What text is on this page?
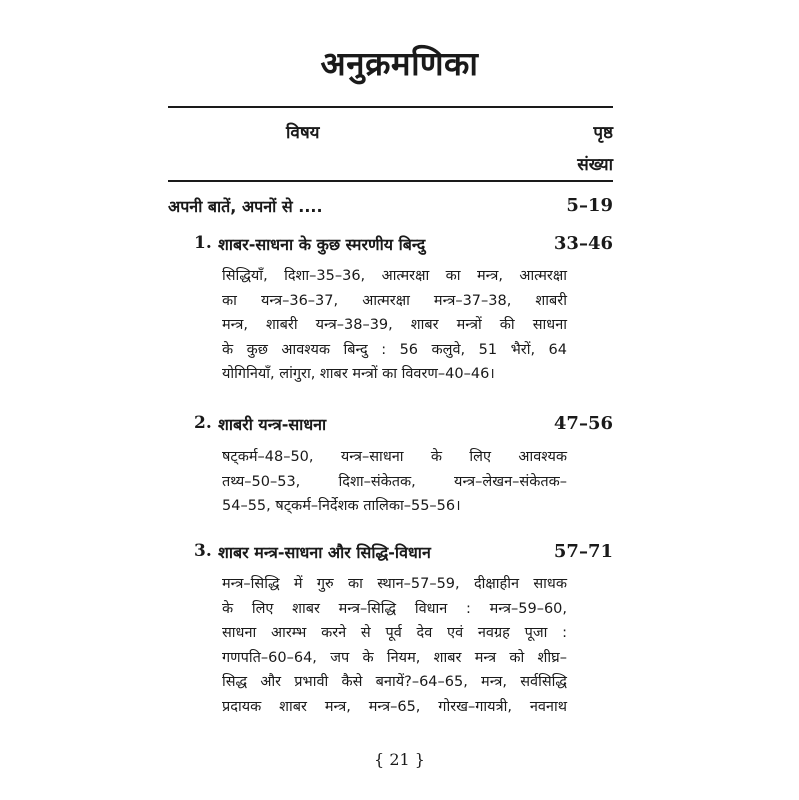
अनुक्रमणिका
विषय	पृष्ठ
संख्या
अपनी बातें, अपनों से ....	5–19
1. शाबर-साधना के कुछ स्मरणीय बिन्दु	33–46
सिद्धियाँ, दिशा–35–36, आत्मरक्षा का मन्त्र, आत्मरक्षा
का यन्त्र–36–37, आत्मरक्षा मन्त्र–37–38, शाबरी
मन्त्र, शाबरी यन्त्र–38–39, शाबर मन्त्रों की साधना
के कुछ आवश्यक बिन्दु : 56 कलुवे, 51 भैरों, 64
योगिनियाँ, लांगुरा, शाबर मन्त्रों का विवरण–40–46।
2. शाबरी यन्त्र-साधना	47–56
षट्कर्म–48–50, यन्त्र–साधना के लिए आवश्यक
तथ्य–50–53, दिशा–संकेतक, यन्त्र–लेखन–संकेतक–
54–55, षट्कर्म–निर्देशक तालिका–55–56।
3. शाबर मन्त्र-साधना और सिद्धि-विधान	57–71
मन्त्र–सिद्धि में गुरु का स्थान–57–59, दीक्षाहीन साधक
के लिए शाबर मन्त्र–सिद्धि विधान : मन्त्र–59–60,
साधना आरम्भ करने से पूर्व देव एवं नवग्रह पूजा :
गणपति–60–64, जप के नियम, शाबर मन्त्र को शीघ्र–
सिद्ध और प्रभावी कैसे बनायें?–64–65, मन्त्र, सर्वसिद्धि
प्रदायक शाबर मन्त्र, मन्त्र–65, गोरख–गायत्री, नवनाथ
{ 21 }
